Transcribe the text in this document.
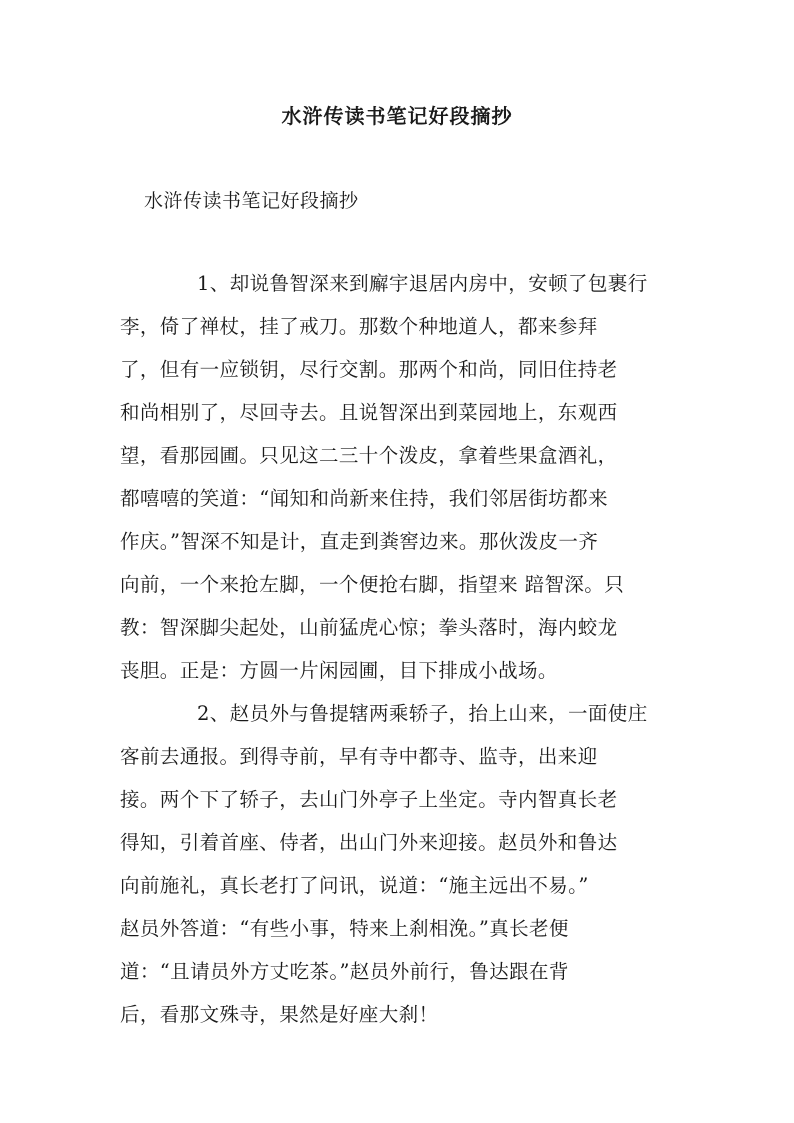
水浒传读书笔记好段摘抄
水浒传读书笔记好段摘抄
1、却说鲁智深来到廨宇退居内房中，安顿了包裹行
李，倚了禅杖，挂了戒刀。那数个种地道人，都来参拜
了，但有一应锁钥，尽行交割。那两个和尚，同旧住持老
和尚相别了，尽回寺去。且说智深出到菜园地上，东观西
望，看那园圃。只见这二三十个泼皮，拿着些果盒酒礼，
都嘻嘻的笑道：“闻知和尚新来住持，我们邻居街坊都来
作庆。”智深不知是计，直走到粪窖边来。那伙泼皮一齐
向前，一个来抢左脚，一个便抢右脚，指望来 踣智深。只
教：智深脚尖起处，山前猛虎心惊；拳头落时，海内蛟龙
丧胆。正是：方圆一片闲园圃，目下排成小战场。
2、赵员外与鲁提辖两乘轿子，抬上山来，一面使庄
客前去通报。到得寺前，早有寺中都寺、监寺，出来迎
接。两个下了轿子，去山门外亭子上坐定。寺内智真长老
得知，引着首座、侍者，出山门外来迎接。赵员外和鲁达
向前施礼，真长老打了问讯，说道：“施主远出不易。”
赵员外答道：“有些小事，特来上刹相浼。”真长老便
道：“且请员外方丈吃茶。”赵员外前行，鲁达跟在背
后，看那文殊寺，果然是好座大刹！
